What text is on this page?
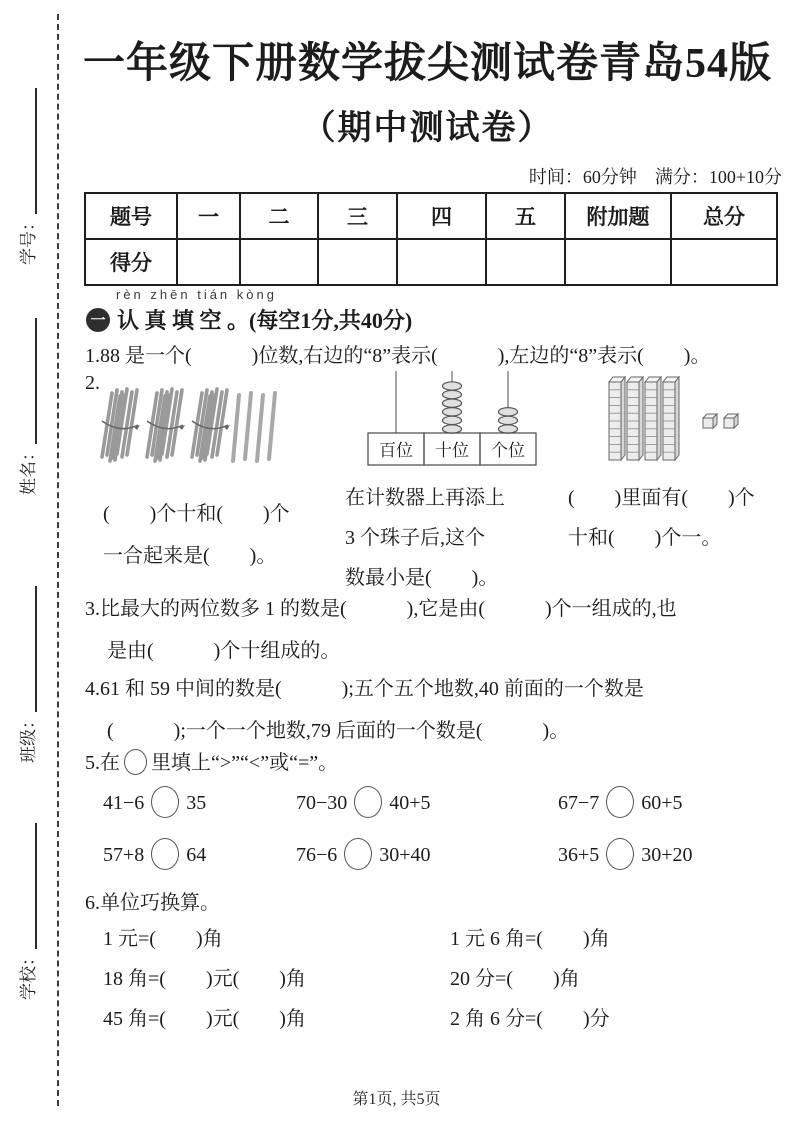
学号：
姓名：
班级：
学校：
一年级下册数学拔尖测试卷青岛54版
（期中测试卷）
时间：60分钟　满分：100+10分
题号	一	二	三	四	五	附加题	总分
得分							
rèn zhēn tián kòng
一 认 真 填 空 。 (每空1分,共40分)
1.88 是一个(　　　)位数,右边的“8”表示(　　　),左边的“8”表示(　　)。
2.
百位 十位 个位
(　　)个十和(　　)个
一合起来是(　　)。
在计数器上再添上
3 个珠子后,这个
数最小是(　　)。
(　　)里面有(　　)个
十和(　　)个一。
3.比最大的两位数多 1 的数是(　　　),它是由(　　　)个一组成的,也
是由(　　　)个十组成的。
4.61 和 59 中间的数是(　　　);五个五个地数,40 前面的一个数是
(　　　);一个一个地数,79 后面的一个数是(　　　)。
5.在 里填上“>”“<”或“=”。
41−6 35	70−30 40+5	67−7 60+5
57+8 64	76−6 30+40	36+5 30+20
6.单位巧换算。
1 元=(　　)角	1 元 6 角=(　　)角
18 角=(　　)元(　　)角	20 分=(　　)角
45 角=(　　)元(　　)角	2 角 6 分=(　　)分
第1页, 共5页
